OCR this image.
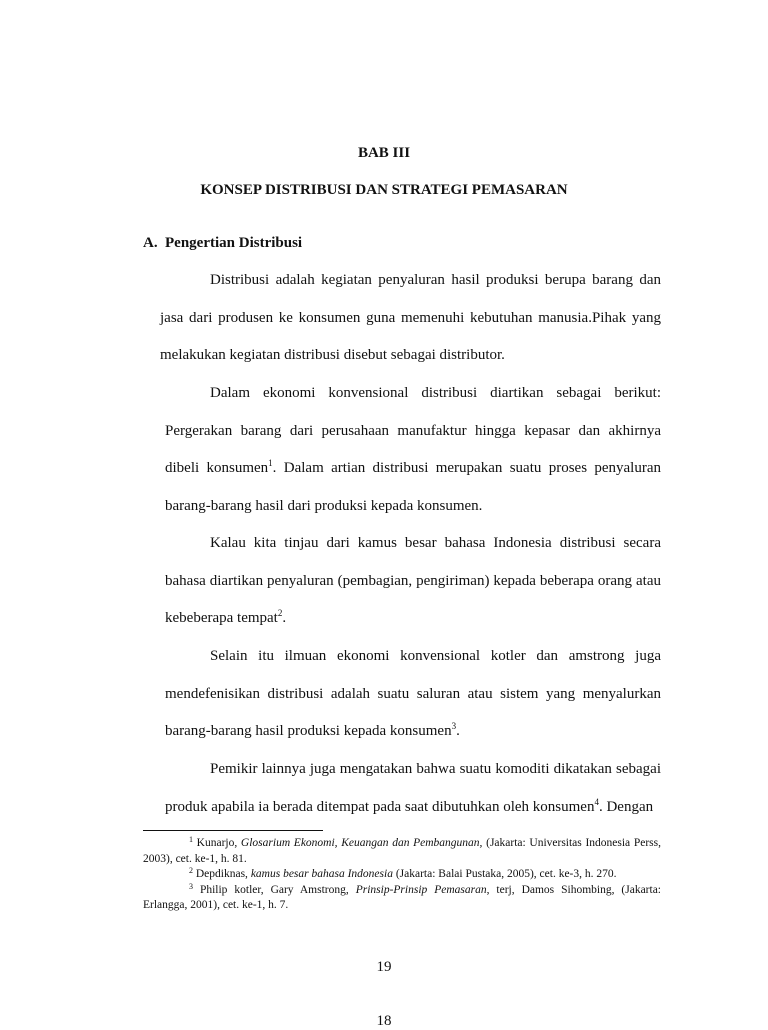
BAB III
KONSEP DISTRIBUSI DAN STRATEGI PEMASARAN

A. Pengertian Distribusi

Distribusi adalah kegiatan penyaluran hasil produksi berupa barang dan jasa dari produsen ke konsumen guna memenuhi kebutuhan manusia.Pihak yang melakukan kegiatan distribusi disebut sebagai distributor.

Dalam ekonomi konvensional distribusi diartikan sebagai berikut: Pergerakan barang dari perusahaan manufaktur hingga kepasar dan akhirnya dibeli konsumen$^1$. Dalam artian distribusi merupakan suatu proses penyaluran barang-barang hasil dari produksi kepada konsumen.

Kalau kita tinjau dari kamus besar bahasa Indonesia distribusi secara bahasa diartikan penyaluran (pembagian, pengiriman) kepada beberapa orang atau kebeberapa tempat$^2$.

Selain itu ilmuan ekonomi konvensional kotler dan amstrong juga mendefenisikan distribusi adalah suatu saluran atau sistem yang menyalurkan barang-barang hasil produksi kepada konsumen$^3$.

Pemikir lainnya juga mengatakan bahwa suatu komoditi dikatakan sebagai produk apabila ia berada ditempat pada saat dibutuhkan oleh konsumen$^4$. Dengan

$^1$ Kunarjo, Glosarium Ekonomi, Keuangan dan Pembangunan, (Jakarta: Universitas Indonesia Perss, 2003), cet. ke-1, h. 81.

$^2$ Depdiknas, kamus besar bahasa Indonesia (Jakarta: Balai Pustaka, 2005), cet. ke-3, h. 270.

$^3$ Philip kotler, Gary Amstrong, Prinsip-Prinsip Pemasaran, terj, Damos Sihombing, (Jakarta: Erlangga, 2001), cet. ke-1, h. 7.

19
18
